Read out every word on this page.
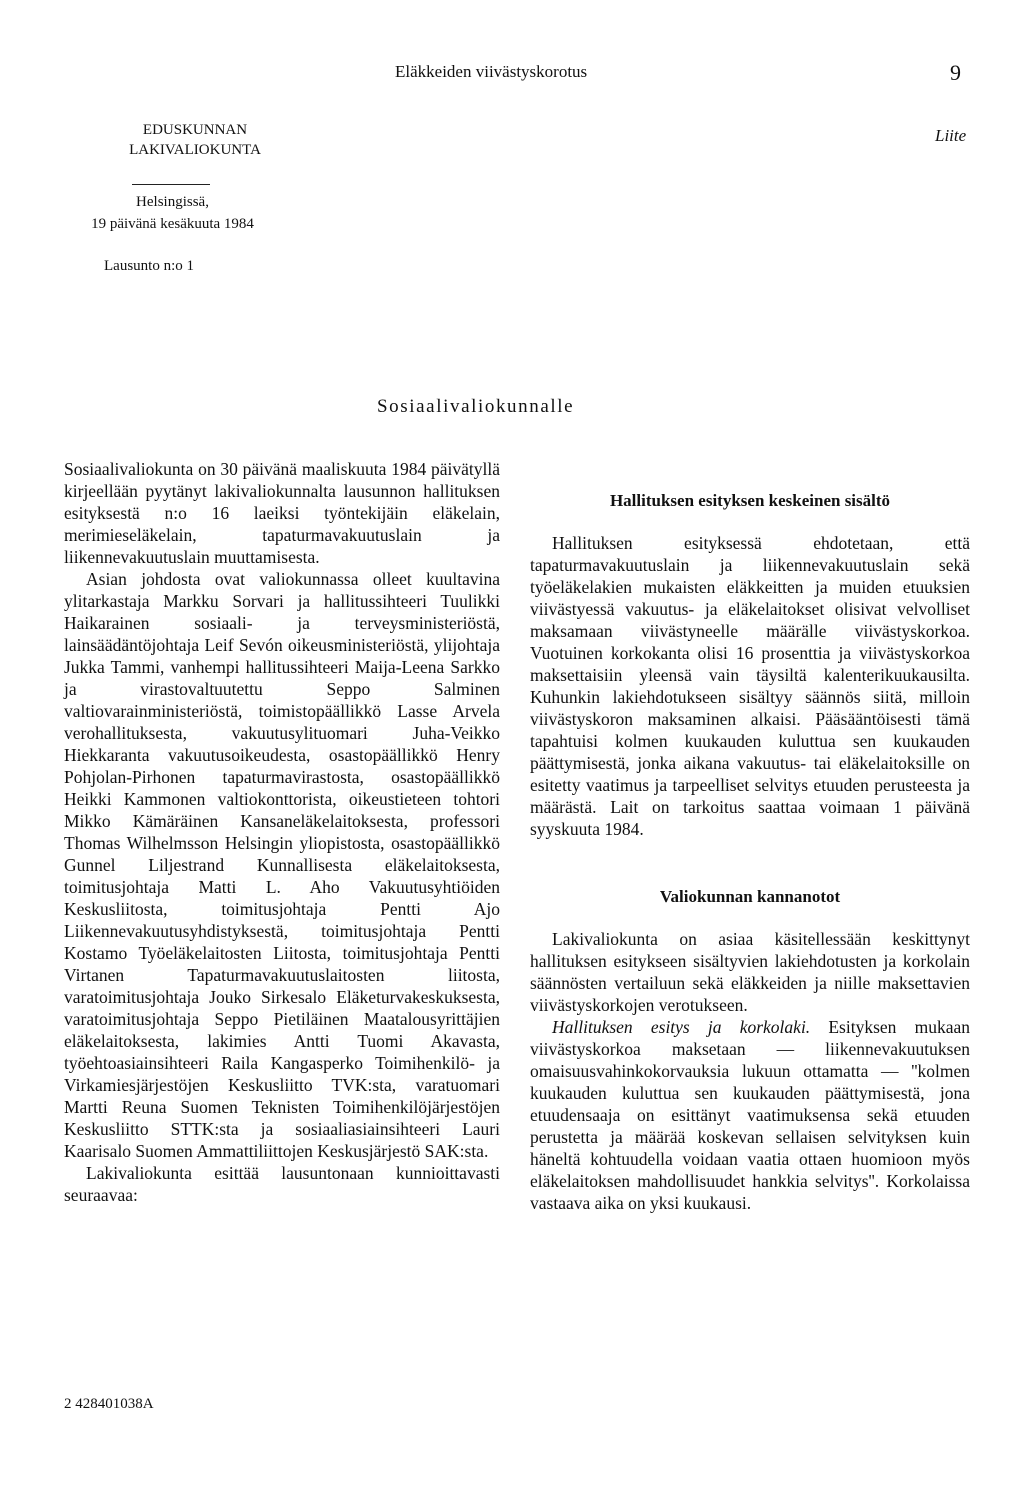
Eläkkeiden viivästyskorotus	9
EDUSKUNNAN
LAKIVALIOKUNTA
Liite
Helsingissä,
19 päivänä kesäkuuta 1984
Lausunto n:o 1
Sosiaalivaliokunnalle

Sosiaalivaliokunta on 30 päivänä maaliskuuta 1984 päivätyllä kirjeellään pyytänyt lakivaliokunnalta lausunnon hallituksen esityksestä n:o 16 laeiksi työntekijäin eläkelain, merimieseläkelain, tapaturmavakuutuslain ja liikennevakuutuslain muuttamisesta.

Asian johdosta ovat valiokunnassa olleet kuultavina ylitarkastaja Markku Sorvari ja hallitussihteeri Tuulikki Haikarainen sosiaali- ja terveysministeriöstä, lainsäädäntöjohtaja Leif Sevón oikeusministeriöstä, ylijohtaja Jukka Tammi, vanhempi hallitussihteeri Maija-Leena Sarkko ja virastovaltuutettu Seppo Salminen valtiovarainministeriöstä, toimistopäällikkö Lasse Arvela verohallituksesta, vakuutusylituomari Juha-Veikko Hiekkaranta vakuutusoikeudesta, osastopäällikkö Henry Pohjolan-Pirhonen tapaturmavirastosta, osastopäällikkö Heikki Kammonen valtiokonttorista, oikeustieteen tohtori Mikko Kämäräinen Kansaneläkelaitoksesta, professori Thomas Wilhelmsson Helsingin yliopistosta, osastopäällikkö Gunnel Liljestrand Kunnallisesta eläkelaitoksesta, toimitusjohtaja Matti L. Aho Vakuutusyhtiöiden Keskusliitosta, toimitusjohtaja Pentti Ajo Liikennevakuutusyhdistyksestä, toimitusjohtaja Pentti Kostamo Työeläkelaitosten Liitosta, toimitusjohtaja Pentti Virtanen Tapaturmavakuutuslaitosten liitosta, varatoimitusjohtaja Jouko Sirkesalo Eläketurvakeskuksesta, varatoimitusjohtaja Seppo Pietiläinen Maatalousyrittäjien eläkelaitoksesta, lakimies Antti Tuomi Akavasta, työehtoasiainsihteeri Raila Kangasperko Toimihenkilö- ja Virkamiesjärjestöjen Keskusliitto TVK:sta, varatuomari Martti Reuna Suomen Teknisten Toimihenkilöjärjestöjen Keskusliitto STTK:sta ja sosiaaliasiainsihteeri Lauri Kaarisalo Suomen Ammattiliittojen Keskusjärjestö SAK:sta.

Lakivaliokunta esittää lausuntonaan kunnioittavasti seuraavaa:

Hallituksen esityksen keskeinen sisältö

Hallituksen esityksessä ehdotetaan, että tapaturmavakuutuslain ja liikennevakuutuslain sekä työeläkelakien mukaisten eläkkeitten ja muiden etuuksien viivästyessä vakuutus- ja eläkelaitokset olisivat velvolliset maksamaan viivästyneelle määrälle viivästyskorkoa. Vuotuinen korkokanta olisi 16 prosenttia ja viivästyskorkoa maksettaisiin yleensä vain täysiltä kalenterikuukausilta. Kuhunkin lakiehdotukseen sisältyy säännös siitä, milloin viivästyskoron maksaminen alkaisi. Pääsääntöisesti tämä tapahtuisi kolmen kuukauden kuluttua sen kuukauden päättymisestä, jonka aikana vakuutus- tai eläkelaitoksille on esitetty vaatimus ja tarpeelliset selvitys etuuden perusteesta ja määrästä. Lait on tarkoitus saattaa voimaan 1 päivänä syyskuuta 1984.

Valiokunnan kannanotot

Lakivaliokunta on asiaa käsitellessään keskittynyt hallituksen esitykseen sisältyvien lakiehdotusten ja korkolain säännösten vertailuun sekä eläkkeiden ja niille maksettavien viivästyskorkojen verotukseen.

Hallituksen esitys ja korkolaki. Esityksen mukaan viivästyskorkoa maksetaan — liikennevakuutuksen omaisuusvahinkokorvauksia lukuun ottamatta — ''kolmen kuukauden kuluttua sen kuukauden päättymisestä, jona etuudensaaja on esittänyt vaatimuksensa sekä etuuden perustetta ja määrää koskevan sellaisen selvityksen kuin häneltä kohtuudella voidaan vaatia ottaen huomioon myös eläkelaitoksen mahdollisuudet hankkia selvitys''. Korkolaissa vastaava aika on yksi kuukausi.

2 428401038A
